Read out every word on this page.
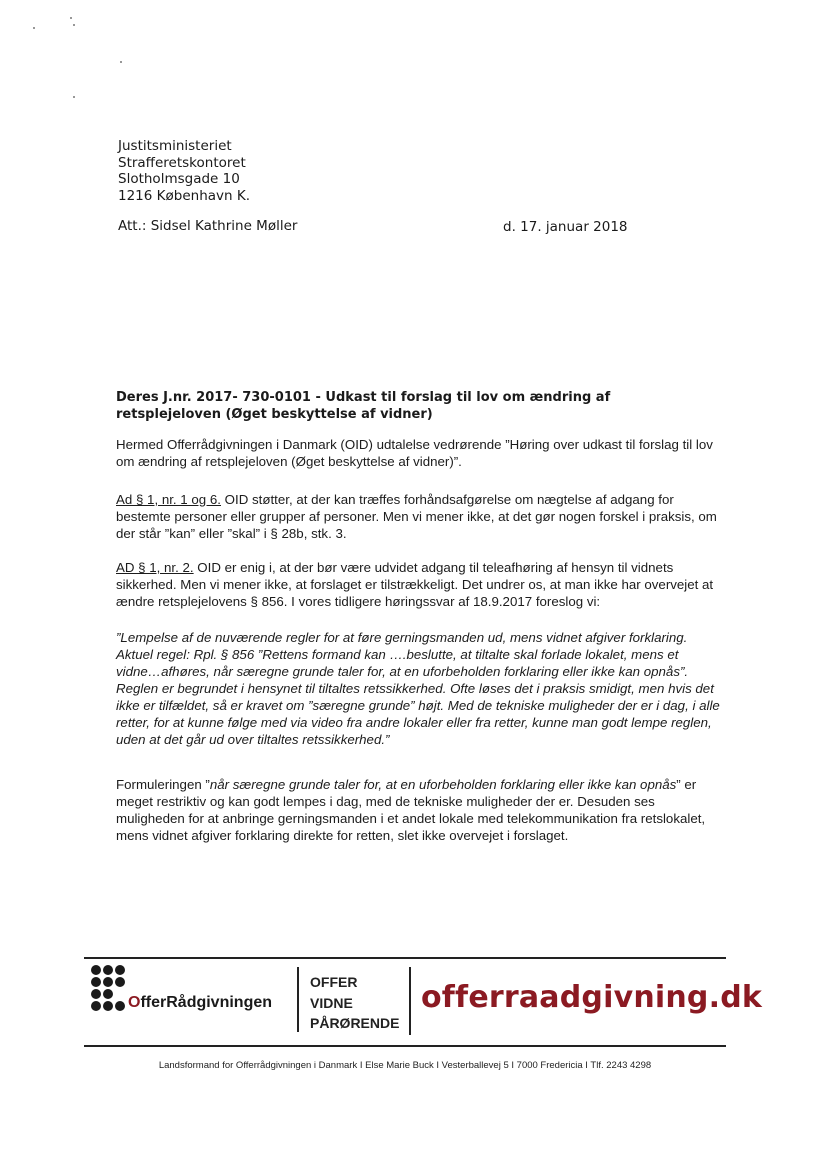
Justitsministeriet
Strafferetskontoret
Slotholmsgade 10
1216 København K.
Att.: Sidsel Kathrine Møller	d. 17. januar 2018
Deres J.nr. 2017- 730-0101 - Udkast til forslag til lov om ændring af retsplejeloven (Øget beskyttelse af vidner)
Hermed Offerrådgivningen i Danmark (OID) udtalelse vedrørende ”Høring over udkast til forslag til lov om ændring af retsplejeloven (Øget beskyttelse af vidner)”.
Ad § 1, nr. 1 og 6. OID støtter, at der kan træffes forhåndsafgørelse om nægtelse af adgang for bestemte personer eller grupper af personer. Men vi mener ikke, at det gør nogen forskel i praksis, om der står ”kan” eller ”skal” i § 28b, stk. 3.
AD § 1, nr. 2. OID er enig i, at der bør være udvidet adgang til teleafhøring af hensyn til vidnets sikkerhed. Men vi mener ikke, at forslaget er tilstrækkeligt. Det undrer os, at man ikke har overvejet at ændre retsplejelovens § 856. I vores tidligere høringssvar af 18.9.2017 foreslog vi:
”Lempelse af de nuværende regler for at føre gerningsmanden ud, mens vidnet afgiver forklaring. Aktuel regel: Rpl. § 856 ”Rettens formand kan ….beslutte, at tiltalte skal forlade lokalet, mens et vidne…afhøres, når særegne grunde taler for, at en uforbeholden forklaring eller ikke kan opnås”. Reglen er begrundet i hensynet til tiltaltes retssikkerhed. Ofte løses det i praksis smidigt, men hvis det ikke er tilfældet, så er kravet om ”særegne grunde” højt. Med de tekniske muligheder der er i dag, i alle retter, for at kunne følge med via video fra andre lokaler eller fra retter, kunne man godt lempe reglen, uden at det går ud over tiltaltes retssikkerhed.”
Formuleringen ”når særegne grunde taler for, at en uforbeholden forklaring eller ikke kan opnås” er meget restriktiv og kan godt lempes i dag, med de tekniske muligheder der er. Desuden ses muligheden for at anbringe gerningsmanden i et andet lokale med telekommunikation fra retslokalet, mens vidnet afgiver forklaring direkte for retten, slet ikke overvejet i forslaget.
OfferRådgivningen
OFFER
VIDNE
PÅRØRENDE
offerraadgivning.dk
Landsformand for Offerrådgivningen i Danmark I Else Marie Buck I Vesterballevej 5 I 7000 Fredericia I Tlf. 2243 4298
